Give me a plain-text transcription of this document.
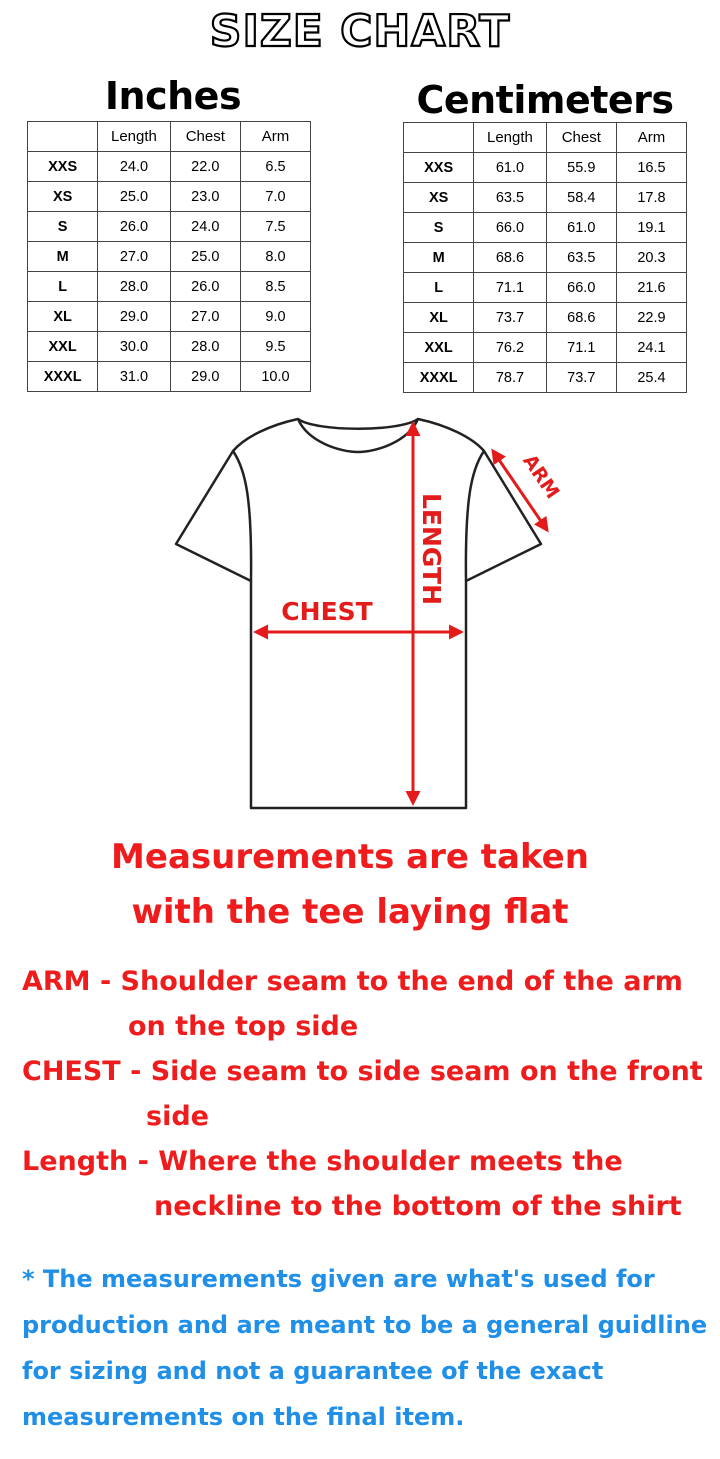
SIZE CHART
Inches	Centimeters
	Length	Chest	Arm
XXS	24.0	22.0	6.5
XS	25.0	23.0	7.0
S	26.0	24.0	7.5
M	27.0	25.0	8.0
L	28.0	26.0	8.5
XL	29.0	27.0	9.0
XXL	30.0	28.0	9.5
XXXL	31.0	29.0	10.0
	Length	Chest	Arm
XXS	61.0	55.9	16.5
XS	63.5	58.4	17.8
S	66.0	61.0	19.1
M	68.6	63.5	20.3
L	71.1	66.0	21.6
XL	73.7	68.6	22.9
XXL	76.2	71.1	24.1
XXXL	78.7	73.7	25.4
CHEST
LENGTH
ARM
Measurements are taken
with the tee laying flat
ARM - Shoulder seam to the end of the arm
on the top side
CHEST - Side seam to side seam on the front
side
Length - Where the shoulder meets the
neckline to the bottom of the shirt
* The measurements given are what's used for
production and are meant to be a general guidline
for sizing and not a guarantee of the exact
measurements on the final item.
